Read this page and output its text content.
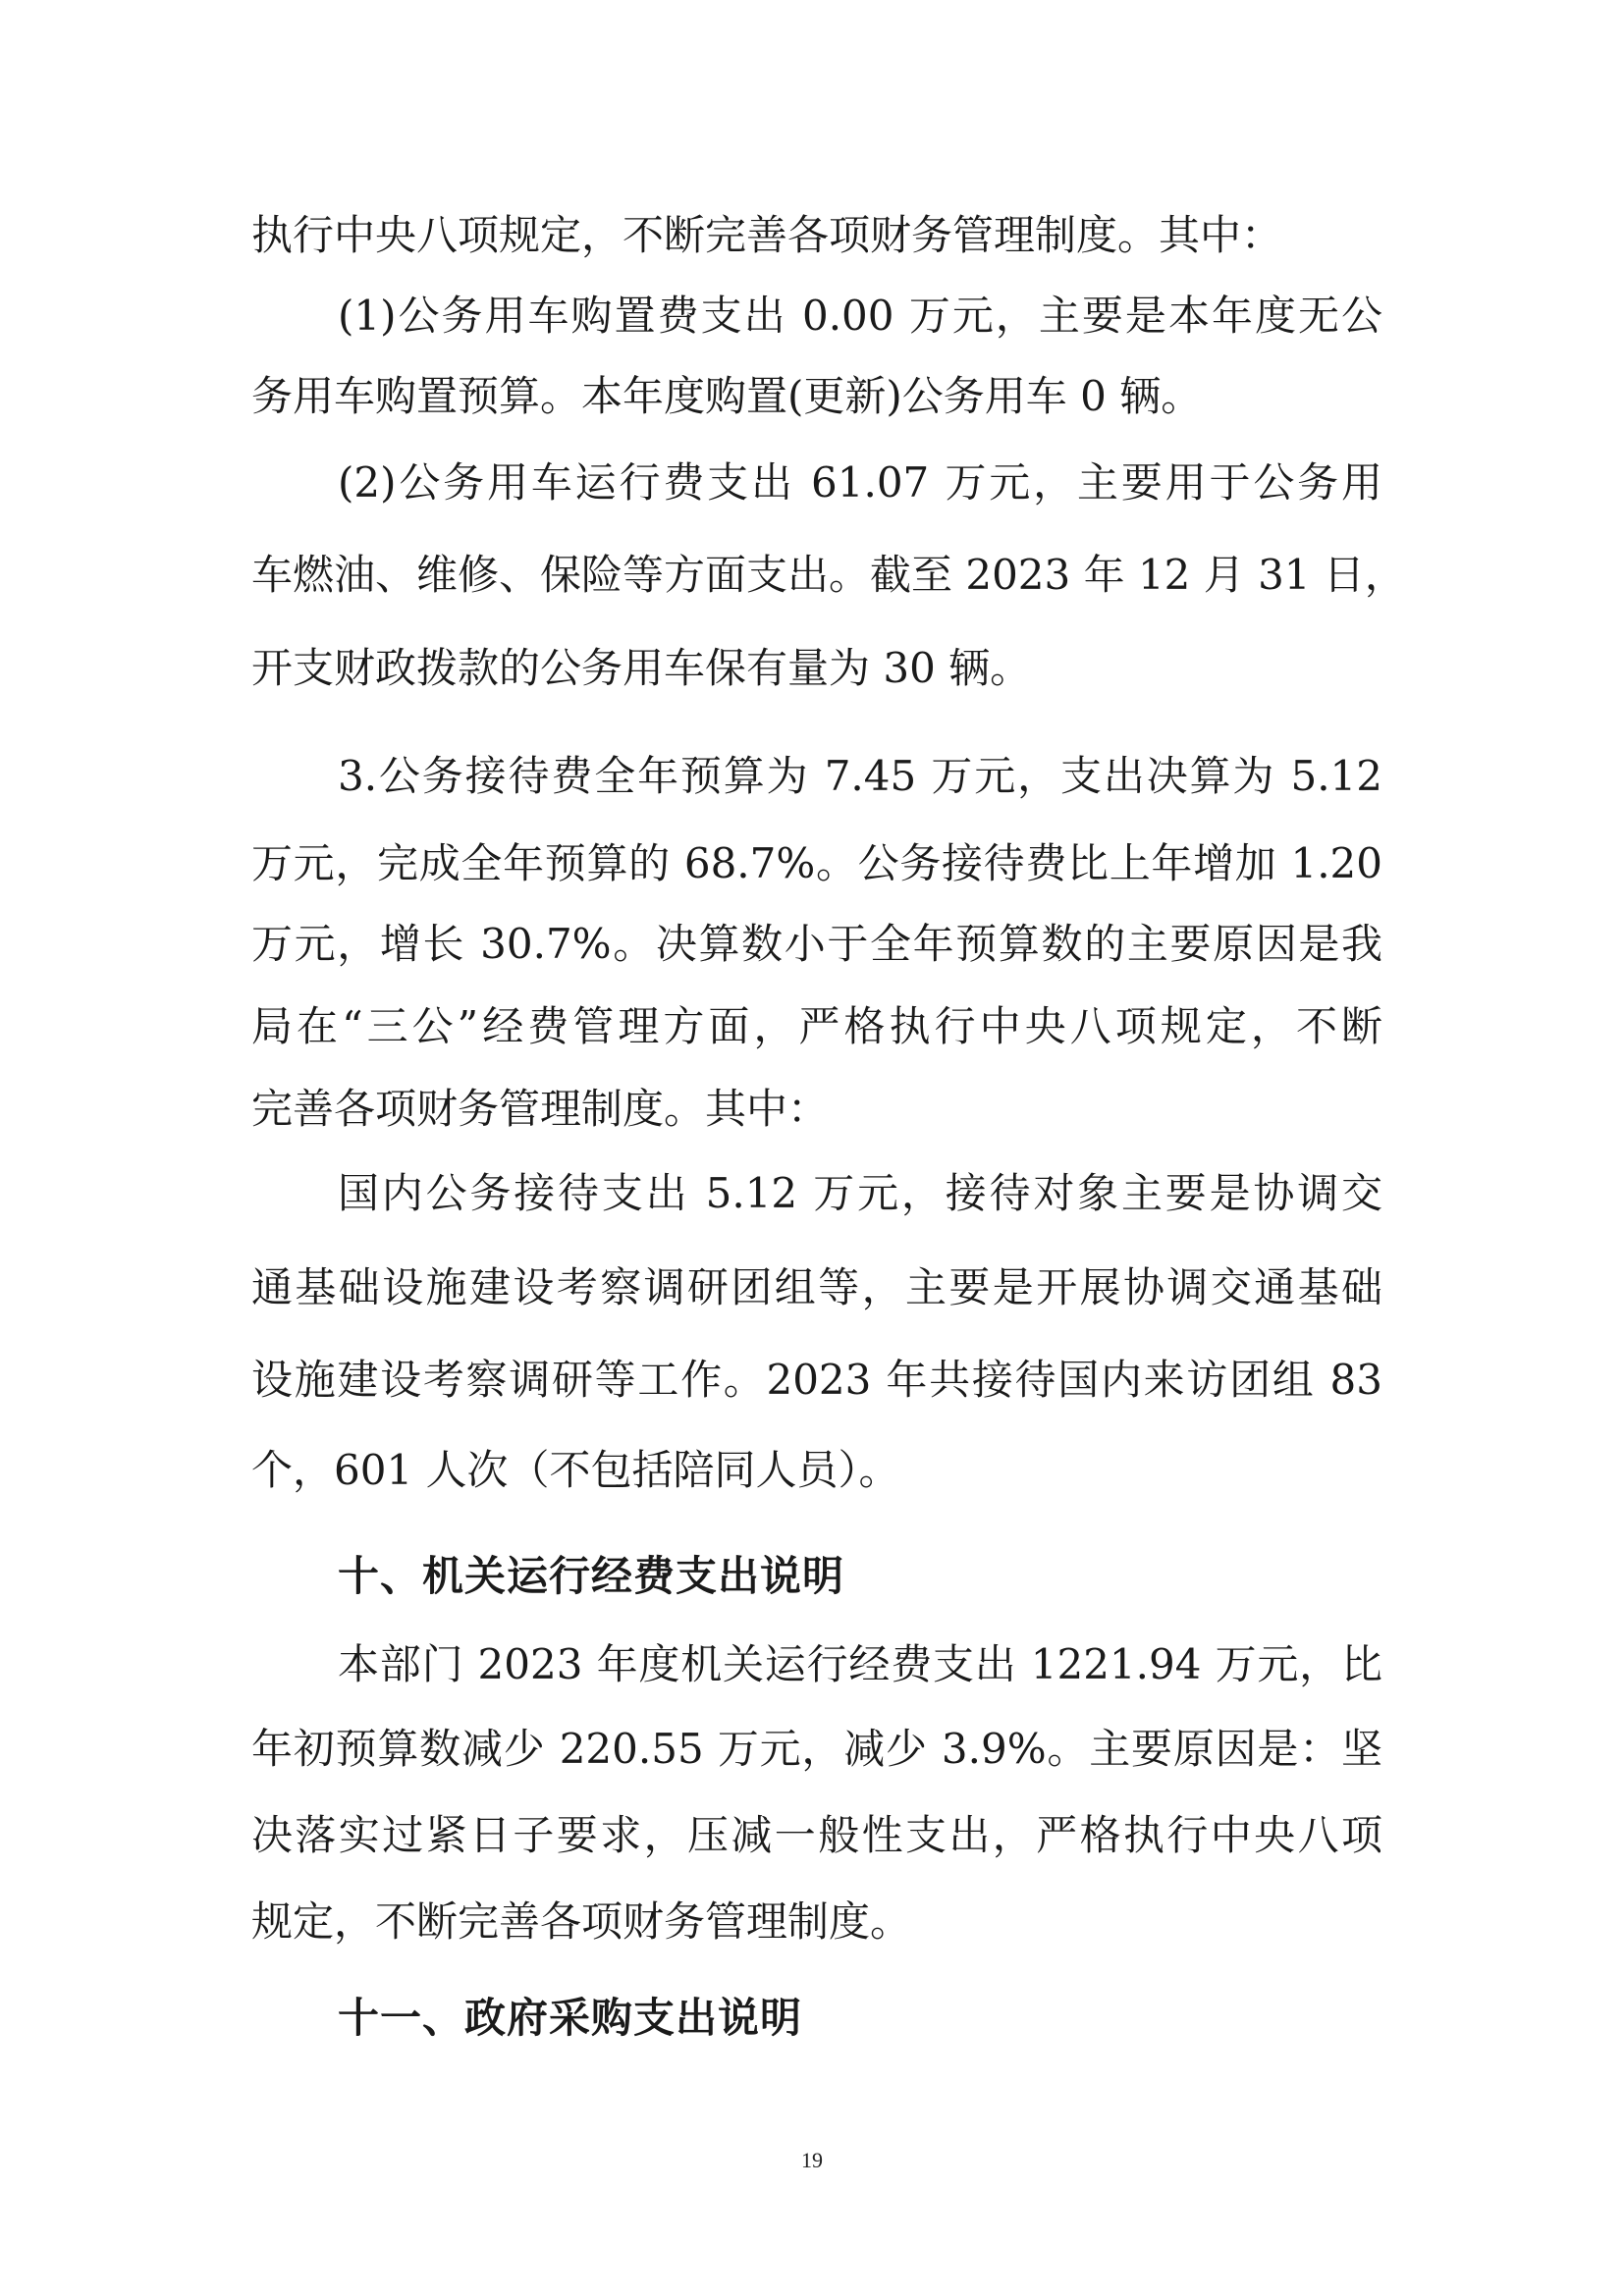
执行中央八项规定，不断完善各项财务管理制度。其中：
(1)公务用车购置费支出 0.00 万元，主要是本年度无公
务用车购置预算。本年度购置(更新)公务用车 0 辆。
(2)公务用车运行费支出 61.07 万元，主要用于公务用
车燃油、维修、保险等方面支出。截至 2023 年 12 月 31 日，
开支财政拨款的公务用车保有量为 30 辆。
3.公务接待费全年预算为 7.45 万元，支出决算为 5.12
万元，完成全年预算的 68.7%。公务接待费比上年增加 1.20
万元，增长 30.7%。决算数小于全年预算数的主要原因是我
局在“三公”经费管理方面，严格执行中央八项规定，不断
完善各项财务管理制度。其中：
国内公务接待支出 5.12 万元，接待对象主要是协调交
通基础设施建设考察调研团组等，主要是开展协调交通基础
设施建设考察调研等工作。2023 年共接待国内来访团组 83
个，601 人次（不包括陪同人员）。
十、机关运行经费支出说明
本部门 2023 年度机关运行经费支出 1221.94 万元，比
年初预算数减少 220.55 万元，减少 3.9%。主要原因是：坚
决落实过紧日子要求，压减一般性支出，严格执行中央八项
规定，不断完善各项财务管理制度。
十一、政府采购支出说明
19
